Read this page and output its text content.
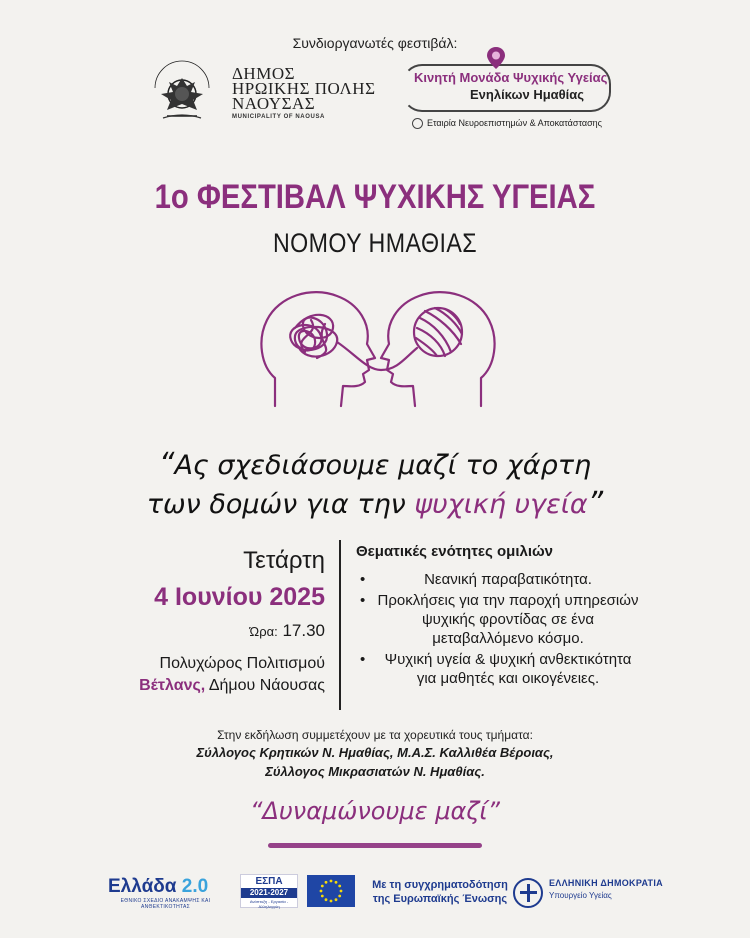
Συνδιοργανωτές φεστιβάλ:
ΔΗΜΟΣ
ΗΡΩΙΚΗΣ ΠΟΛΗΣ
ΝΑΟΥΣΑΣ
MUNICIPALITY OF NAOUSA
Κινητή Μονάδα Ψυχικής Υγείας
Ενηλίκων Ημαθίας
Εταιρία Νευροεπιστημών & Αποκατάστασης
1ο ΦΕΣΤΙΒΑΛ ΨΥΧΙΚΗΣ ΥΓΕΙΑΣ
ΝΟΜΟΥ ΗΜΑΘΙΑΣ
“Ας σχεδιάσουμε μαζί το χάρτη
των δομών για την ψυχική υγεία”
Τετάρτη
4 Ιουνίου 2025
Ώρα: 17.30
Πολυχώρος Πολιτισμού
Βέτλανς, Δήμου Νάουσας
Θεματικές ενότητες ομιλιών
• Νεανική παραβατικότητα.
• Προκλήσεις για την παροχή υπηρεσιών ψυχικής φροντίδας σε ένα μεταβαλλόμενο κόσμο.
• Ψυχική υγεία & ψυχική ανθεκτικότητα για μαθητές και οικογένειες.
Στην εκδήλωση συμμετέχουν με τα χορευτικά τους τμήματα:
Σύλλογος Κρητικών Ν. Ημαθίας, Μ.Α.Σ. Καλλιθέα Βέροιας,
Σύλλογος Μικρασιατών Ν. Ημαθίας.
“Δυναμώνουμε μαζί”
Ελλάδα 2.0
ΕΘΝΙΚΟ ΣΧΕΔΙΟ ΑΝΑΚΑΜΨΗΣ ΚΑΙ ΑΝΘΕΚΤΙΚΟΤΗΤΑΣ
ΕΣΠΑ
2021-2027
Ανάπτυξη - Εργασία - Αλληλεγγύη
Με τη συγχρηματοδότηση
της Ευρωπαϊκής Ένωσης
ΕΛΛΗΝΙΚΗ ΔΗΜΟΚΡΑΤΙΑ
Υπουργείο Υγείας
